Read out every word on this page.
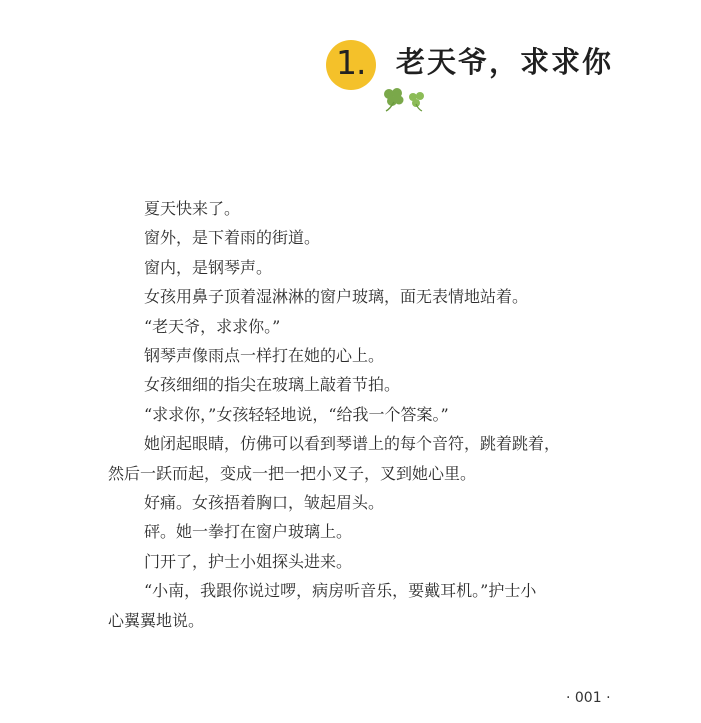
1. 老天爷，求求你

夏天快来了。

窗外，是下着雨的街道。

窗内，是钢琴声。

女孩用鼻子顶着湿淋淋的窗户玻璃，面无表情地站着。

“老天爷，求求你。”

钢琴声像雨点一样打在她的心上。

女孩细细的指尖在玻璃上敲着节拍。

“求求你，”女孩轻轻地说，“给我一个答案。”

她闭起眼睛，仿佛可以看到琴谱上的每个音符，跳着跳着，

然后一跃而起，变成一把一把小叉子，叉到她心里。

好痛。女孩捂着胸口，皱起眉头。

砰。她一拳打在窗户玻璃上。

门开了，护士小姐探头进来。

“小南，我跟你说过啰，病房听音乐，要戴耳机。”护士小

心翼翼地说。

· 001 ·
